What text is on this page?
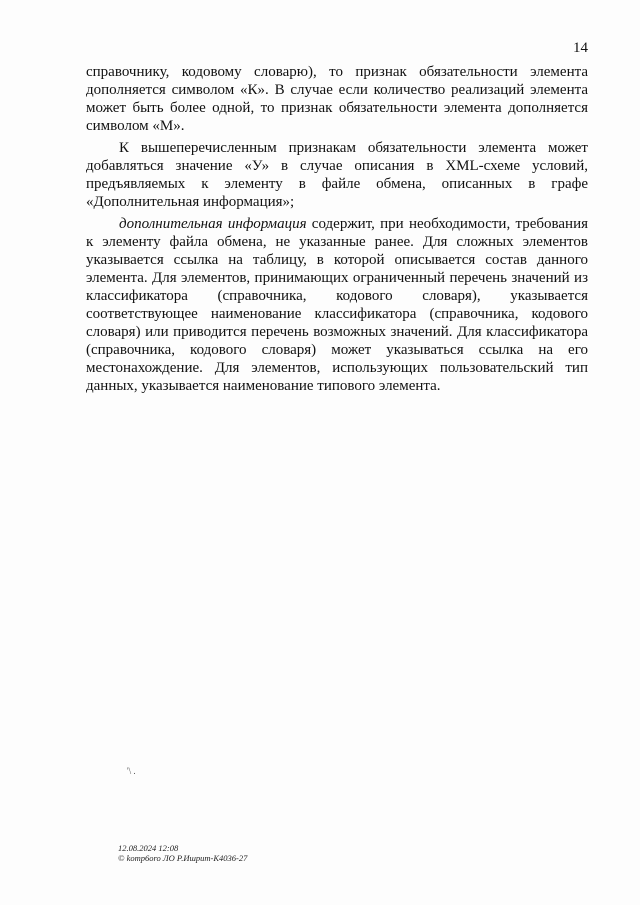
14

справочнику, кодовому словарю), то признак обязательности элемента дополняется символом «К». В случае если количество реализаций элемента может быть более одной, то признак обязательности элемента дополняется символом «М».

К вышеперечисленным признакам обязательности элемента может добавляться значение «У» в случае описания в XML-схеме условий, предъявляемых к элементу в файле обмена, описанных в графе «Дополнительная информация»;

дополнительная информация содержит, при необходимости, требования к элементу файла обмена, не указанные ранее. Для сложных элементов указывается ссылка на таблицу, в которой описывается состав данного элемента. Для элементов, принимающих ограниченный перечень значений из классификатора (справочника, кодового словаря), указывается соответствующее наименование классификатора (справочника, кодового словаря) или приводится перечень возможных значений. Для классификатора (справочника, кодового словаря) может указываться ссылка на его местонахождение. Для элементов, использующих пользовательский тип данных, указывается наименование типового элемента.

'\ .
12.08.2024 12:08
© komp6oro ЛО Р.Ишрит-К4036-27
